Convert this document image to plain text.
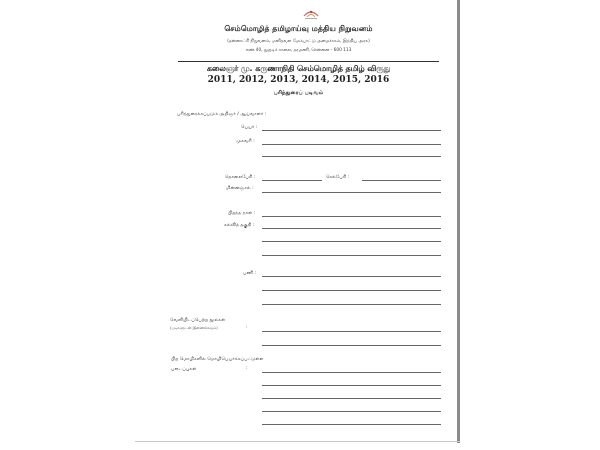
செம்மொழித் தமிழாய்வு மத்திய நிறுவனம்
(தன்னாட்சி நிறுவனம், மனிதவள மேம்பாட்டு அமைச்சகம், இந்திய அரசு)
எண் 40, நூறடிச் சாலை, தரமணி, சென்னை - 600 113
கலைஞர் மு. கருணாநிதி செம்மொழித் தமிழ் விருது
2011, 2012, 2013, 2014, 2015, 2016
பரிந்துரைப் படிவம்
பரிந்துரைக்கப்படும் அறிஞர் / ஆய்வாளர் :
பெயர் :
முகவரி :
தொலைபேசி :	செல்பேசி :
மின்னஞ்சல் :
பிறந்த நாள் :
கல்வித் தகுதி :
பணி :
வெளியிடப்பெற்ற நூல்கள்
(படிகளுடன் இணைக்கவும்)	:
பிற மொழிகளில் மொழிபெயர்க்கப்பட்டுள்ள
படைப்புகள்	:
